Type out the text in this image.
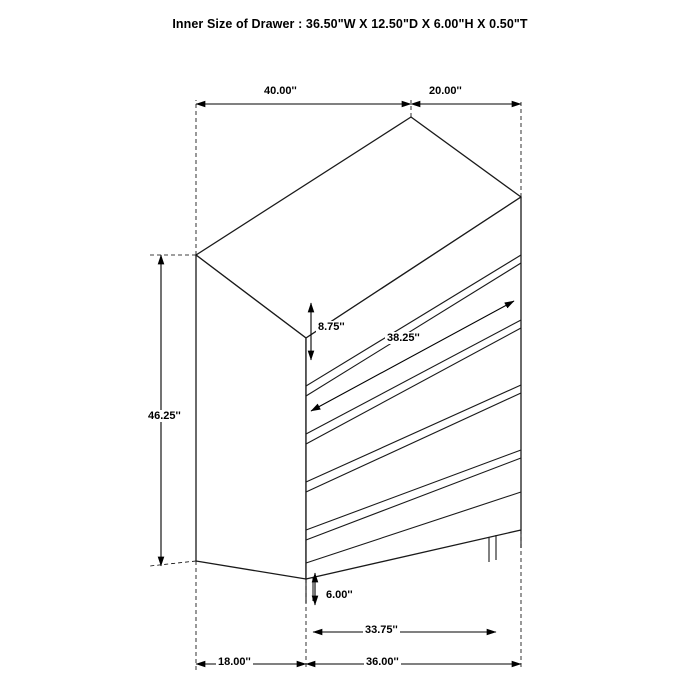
Inner Size of Drawer : 36.50"W X 12.50"D X 6.00"H X 0.50"T
40.00''	20.00''
8.75''
38.25''
46.25''
6.00''
33.75''
18.00''	36.00''
